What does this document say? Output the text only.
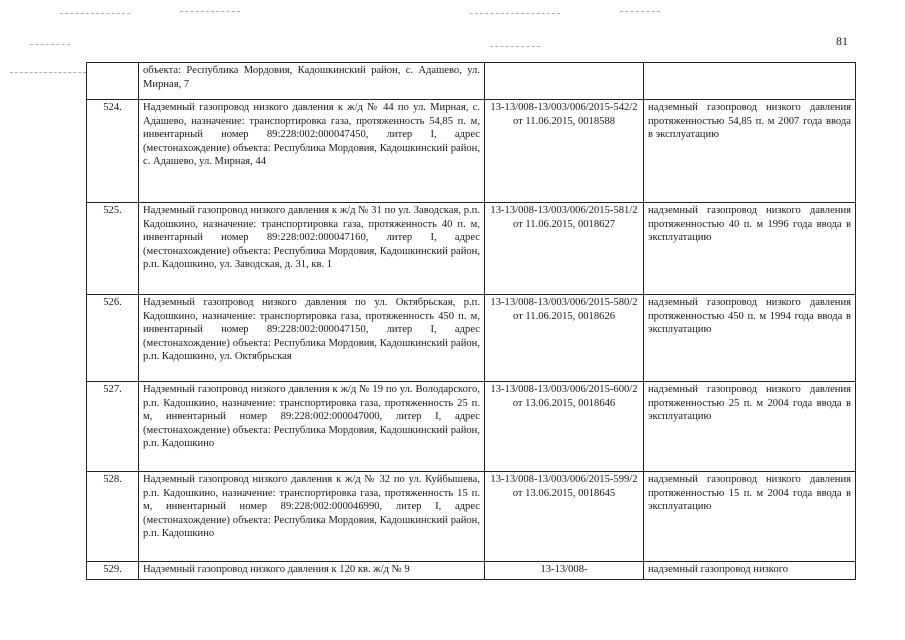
81
	объекта: Республика Мордовия, Кадошкинский район, с. Адашево, ул. Мирная, 7		
524.	Надземный газопровод низкого давления к ж/д № 44 по ул. Мирная, с. Адашево, назначение: транспортировка газа, протяженность 54,85 п. м, инвентарный номер 89:228:002:000047450, литер I, адрес (местонахождение) объекта: Республика Мордовия, Кадошкинский район, с. Адашево, ул. Мирная, 44	13-13/008-13/003/006/2015-542/2 от 11.06.2015, 0018588	надземный газопровод низкого давления протяженностью 54,85 п. м 2007 года ввода в эксплуатацию
525.	Надземный газопровод низкого давления к ж/д № 31 по ул. Заводская, р.п. Кадошкино, назначение: транспортировка газа, протяженность 40 п. м, инвентарный номер 89:228:002:000047160, литер I, адрес (местонахождение) объекта: Республика Мордовия, Кадошкинский район, р.п. Кадошкино, ул. Заводская, д. 31, кв. 1	13-13/008-13/003/006/2015-581/2 от 11.06.2015, 0018627	надземный газопровод низкого давления протяженностью 40 п. м 1996 года ввода в эксплуатацию
526.	Надземный газопровод низкого давления по ул. Октябрьская, р.п. Кадошкино, назначение: транспортировка газа, протяженность 450 п. м, инвентарный номер 89:228:002:000047150, литер I, адрес (местонахождение) объекта: Республика Мордовия, Кадошкинский район, р.п. Кадошкино, ул. Октябрьская	13-13/008-13/003/006/2015-580/2 от 11.06.2015, 0018626	надземный газопровод низкого давления протяженностью 450 п. м 1994 года ввода в эксплуатацию
527.	Надземный газопровод низкого давления к ж/д № 19 по ул. Володарского, р.п. Кадошкино, назначение: транспортировка газа, протяженность 25 п. м, инвентарный номер 89:228:002:000047000, литер I, адрес (местонахождение) объекта: Республика Мордовия, Кадошкинский район, р.п. Кадошкино	13-13/008-13/003/006/2015-600/2 от 13.06.2015, 0018646	надземный газопровод низкого давления протяженностью 25 п. м 2004 года ввода в эксплуатацию
528.	Надземный газопровод низкого давления к ж/д № 32 по ул. Куйбышева, р.п. Кадошкино, назначение: транспортировка газа, протяженность 15 п. м, инвентарный номер 89:228:002:000046990, литер I, адрес (местонахождение) объекта: Республика Мордовия, Кадошкинский район, р.п. Кадошкино	13-13/008-13/003/006/2015-599/2 от 13.06.2015, 0018645	надземный газопровод низкого давления протяженностью 15 п. м 2004 года ввода в эксплуатацию
529.	Надземный газопровод низкого давления к 120 кв. ж/д № 9	13-13/008-	надземный газопровод низкого
